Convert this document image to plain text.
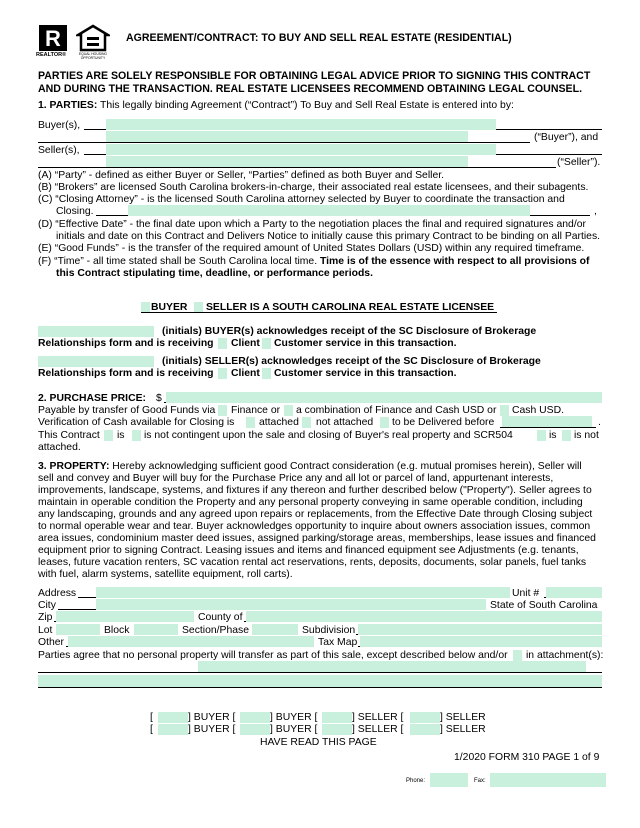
R
REALTOR®	EQUAL HOUSING OPPORTUNITY
AGREEMENT/CONTRACT: TO BUY AND SELL REAL ESTATE (RESIDENTIAL)
PARTIES ARE SOLELY RESPONSIBLE FOR OBTAINING LEGAL ADVICE PRIOR TO SIGNING THIS CONTRACT
AND DURING THE TRANSACTION. REAL ESTATE LICENSEES RECOMMEND OBTAINING LEGAL COUNSEL.
1. PARTIES: This legally binding Agreement (“Contract”) To Buy and Sell Real Estate is entered into by:
Buyer(s),
(“Buyer”), and
Seller(s),
(“Seller”).
(A) “Party” - defined as either Buyer or Seller, “Parties” defined as both Buyer and Seller.
(B) “Brokers” are licensed South Carolina brokers-in-charge, their associated real estate licensees, and their subagents.
(C) “Closing Attorney” - is the licensed South Carolina attorney selected by Buyer to coordinate the transaction and
Closing.	,
(D) “Effective Date” - the final date upon which a Party to the negotiation places the final and required signatures and/or
initials and date on this Contract and Delivers Notice to initially cause this primary Contract to be binding on all Parties.
(E) “Good Funds” - is the transfer of the required amount of United States Dollars (USD) within any required timeframe.
(F) “Time” - all time stated shall be South Carolina local time. Time is of the essence with respect to all provisions of
this Contract stipulating time, deadline, or performance periods.
BUYER SELLER IS A SOUTH CAROLINA REAL ESTATE LICENSEE
(initials) BUYER(s) acknowledges receipt of the SC Disclosure of Brokerage
Relationships form and is receiving Client Customer service in this transaction.
(initials) SELLER(s) acknowledges receipt of the SC Disclosure of Brokerage
Relationships form and is receiving Client Customer service in this transaction.
2. PURCHASE PRICE: $
Payable by transfer of Good Funds via Finance or a combination of Finance and Cash USD or Cash USD.
Verification of Cash available for Closing is attached not attached to be Delivered before	.
This Contract is is not contingent upon the sale and closing of Buyer's real property and SCR504	is is not
attached.
3. PROPERTY: Hereby acknowledging sufficient good Contract consideration (e.g. mutual promises herein), Seller will
sell and convey and Buyer will buy for the Purchase Price any and all lot or parcel of land, appurtenant interests,
improvements, landscape, systems, and fixtures if any thereon and further described below ("Property"). Seller agrees to
maintain in operable condition the Property and any personal property conveying in same operable condition, including
any landscaping, grounds and any agreed upon repairs or replacements, from the Effective Date through Closing subject
to normal operable wear and tear. Buyer acknowledges opportunity to inquire about owners association issues, common
area issues, condominium master deed issues, assigned parking/storage areas, memberships, lease issues and financed
equipment prior to signing Contract. Leasing issues and items and financed equipment see Adjustments (e.g. tenants,
leases, future vacation renters, SC vacation rental act reservations, rents, deposits, documents, solar panels, fuel tanks
with fuel, alarm systems, satellite equipment, roll carts).
Address	Unit #
City	State of South Carolina
Zip	County of
Lot	Block	Section/Phase	Subdivision
Other	Tax Map
Parties agree that no personal property will transfer as part of this sale, except described below and/or in attachment(s):
[	] BUYER [	] BUYER [	] SELLER [	] SELLER
[	] BUYER [	] BUYER [	] SELLER [	] SELLER
HAVE READ THIS PAGE
1/2020 FORM 310 PAGE 1 of 9
Phone:	Fax:
